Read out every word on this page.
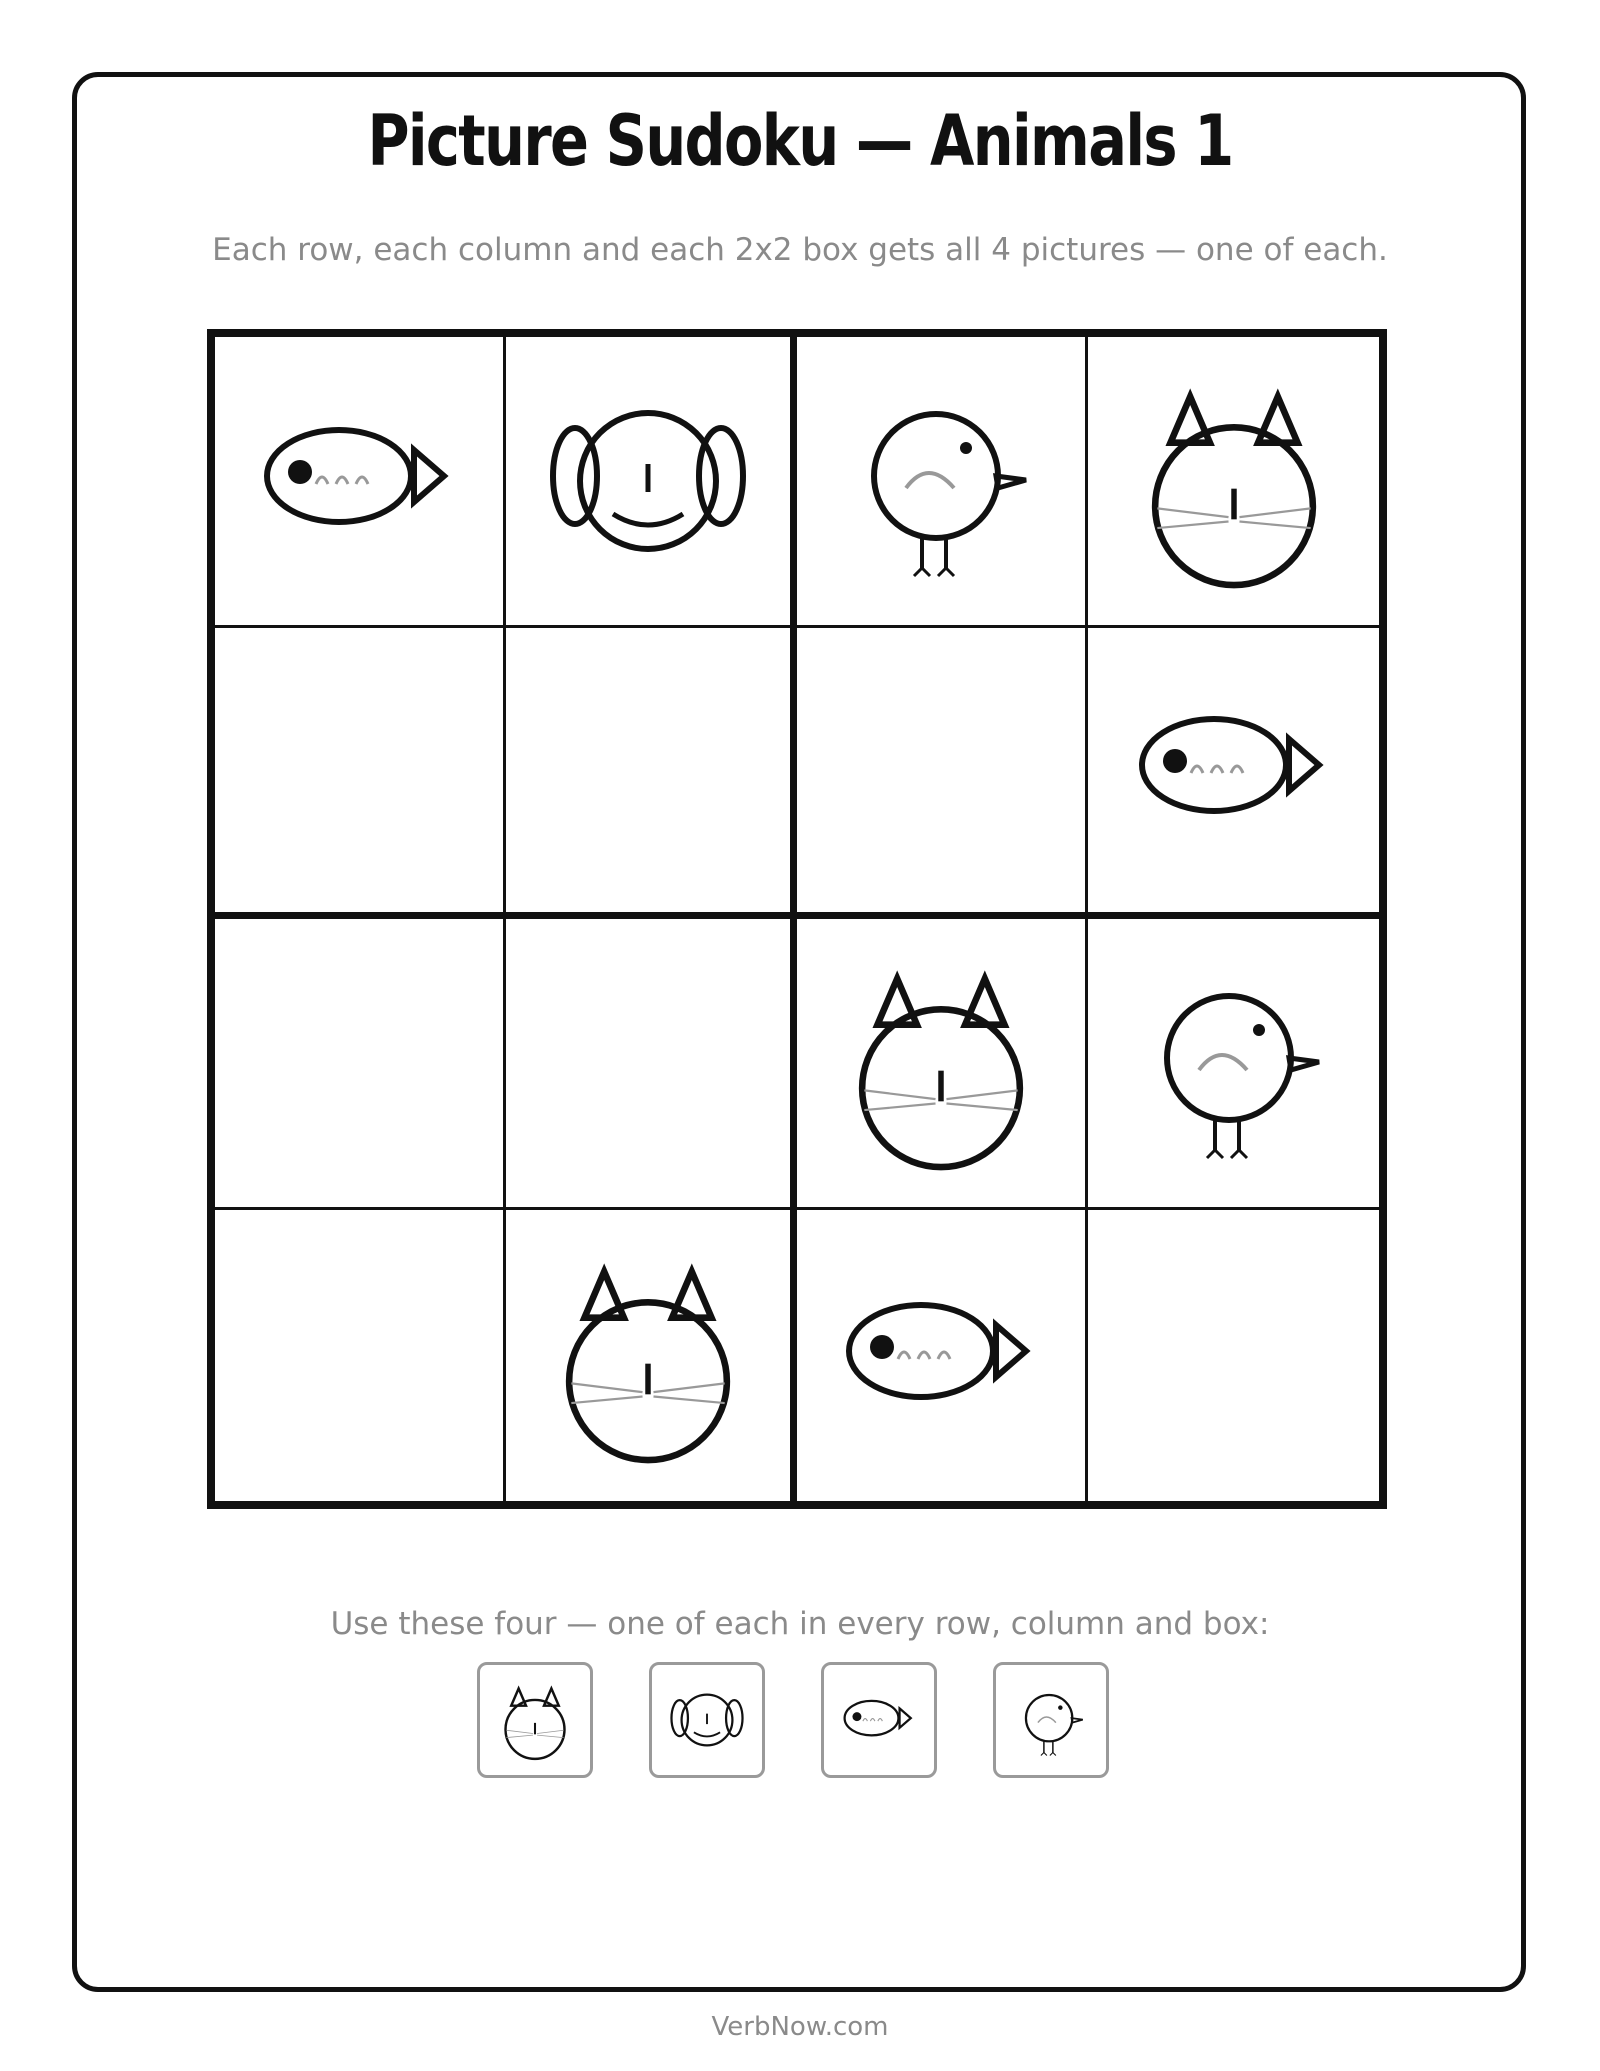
Picture Sudoku — Animals 1
Each row, each column and each 2x2 box gets all 4 pictures — one of each.
Use these four — one of each in every row, column and box:
VerbNow.com
